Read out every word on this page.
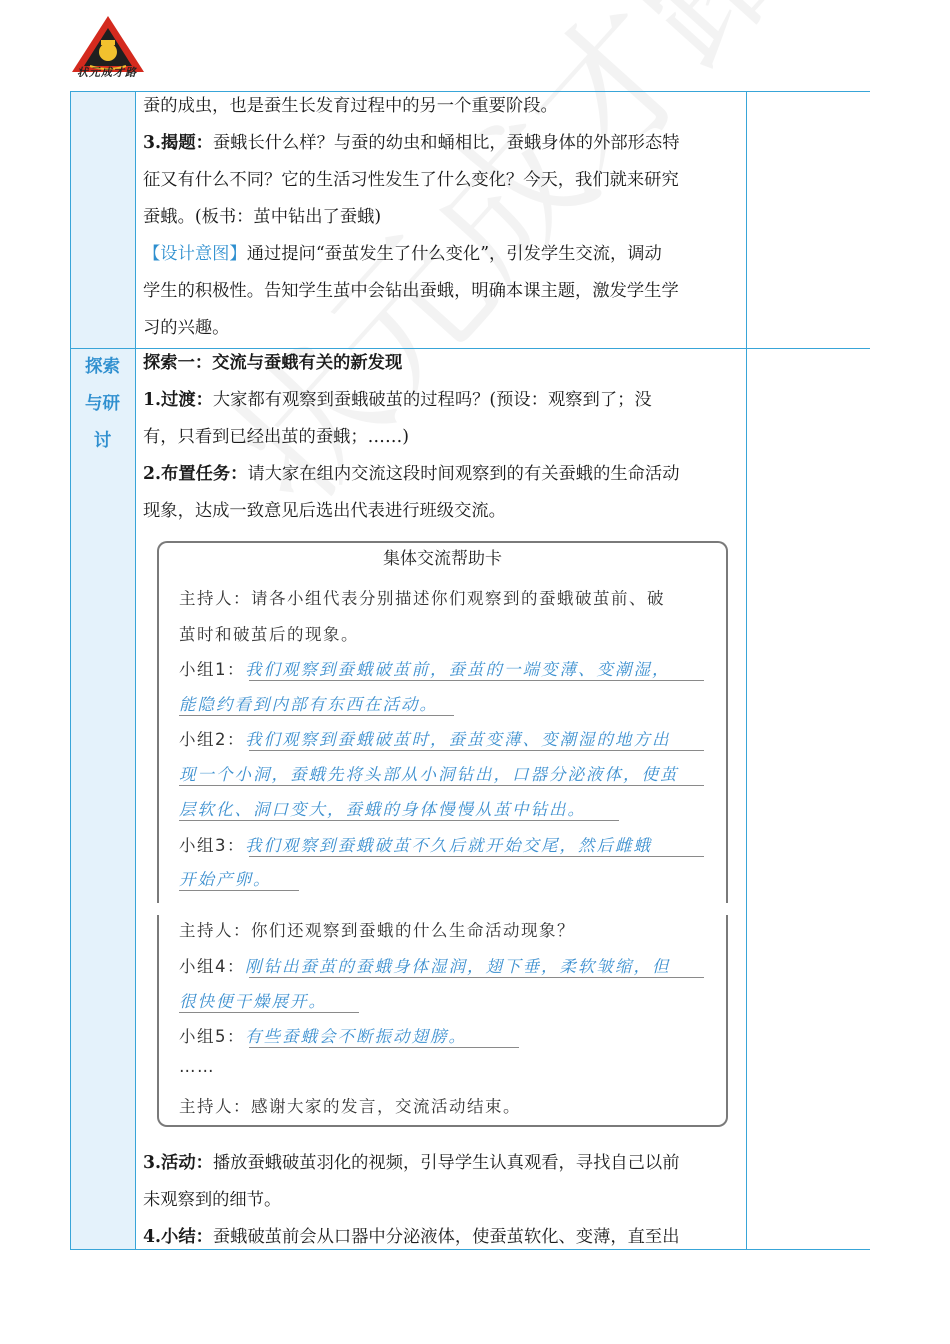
状元成才路
探索与研讨

蚕的成虫，也是蚕生长发育过程中的另一个重要阶段。

3.揭题：蚕蛾长什么样？与蚕的幼虫和蛹相比，蚕蛾身体的外部形态特

征又有什么不同？它的生活习性发生了什么变化？今天，我们就来研究

蚕蛾。(板书：茧中钻出了蚕蛾)

【设计意图】通过提问“蚕茧发生了什么变化”，引发学生交流，调动

学生的积极性。告知学生茧中会钻出蚕蛾，明确本课主题，激发学生学

习的兴趣。

探索一：交流与蚕蛾有关的新发现

1.过渡：大家都有观察到蚕蛾破茧的过程吗？(预设：观察到了；没

有，只看到已经出茧的蚕蛾；……)

2.布置任务：请大家在组内交流这段时间观察到的有关蚕蛾的生命活动

现象，达成一致意见后选出代表进行班级交流。

集体交流帮助卡
主持人：请各小组代表分别描述你们观察到的蚕蛾破茧前、破
茧时和破茧后的现象。
小组1：我们观察到蚕蛾破茧前，蚕茧的一端变薄、变潮湿，
能隐约看到内部有东西在活动。
小组2：我们观察到蚕蛾破茧时，蚕茧变薄、变潮湿的地方出
现一个小洞，蚕蛾先将头部从小洞钻出，口器分泌液体，使茧
层软化、洞口变大，蚕蛾的身体慢慢从茧中钻出。
小组3：我们观察到蚕蛾破茧不久后就开始交尾，然后雌蛾
开始产卵。
主持人：你们还观察到蚕蛾的什么生命活动现象？
小组4：刚钻出蚕茧的蚕蛾身体湿润，翅下垂，柔软皱缩，但
很快便干燥展开。
小组5：有些蚕蛾会不断振动翅膀。
……
主持人：感谢大家的发言，交流活动结束。

3.活动：播放蚕蛾破茧羽化的视频，引导学生认真观看，寻找自己以前

未观察到的细节。

4.小结：蚕蛾破茧前会从口器中分泌液体，使蚕茧软化、变薄，直至出
